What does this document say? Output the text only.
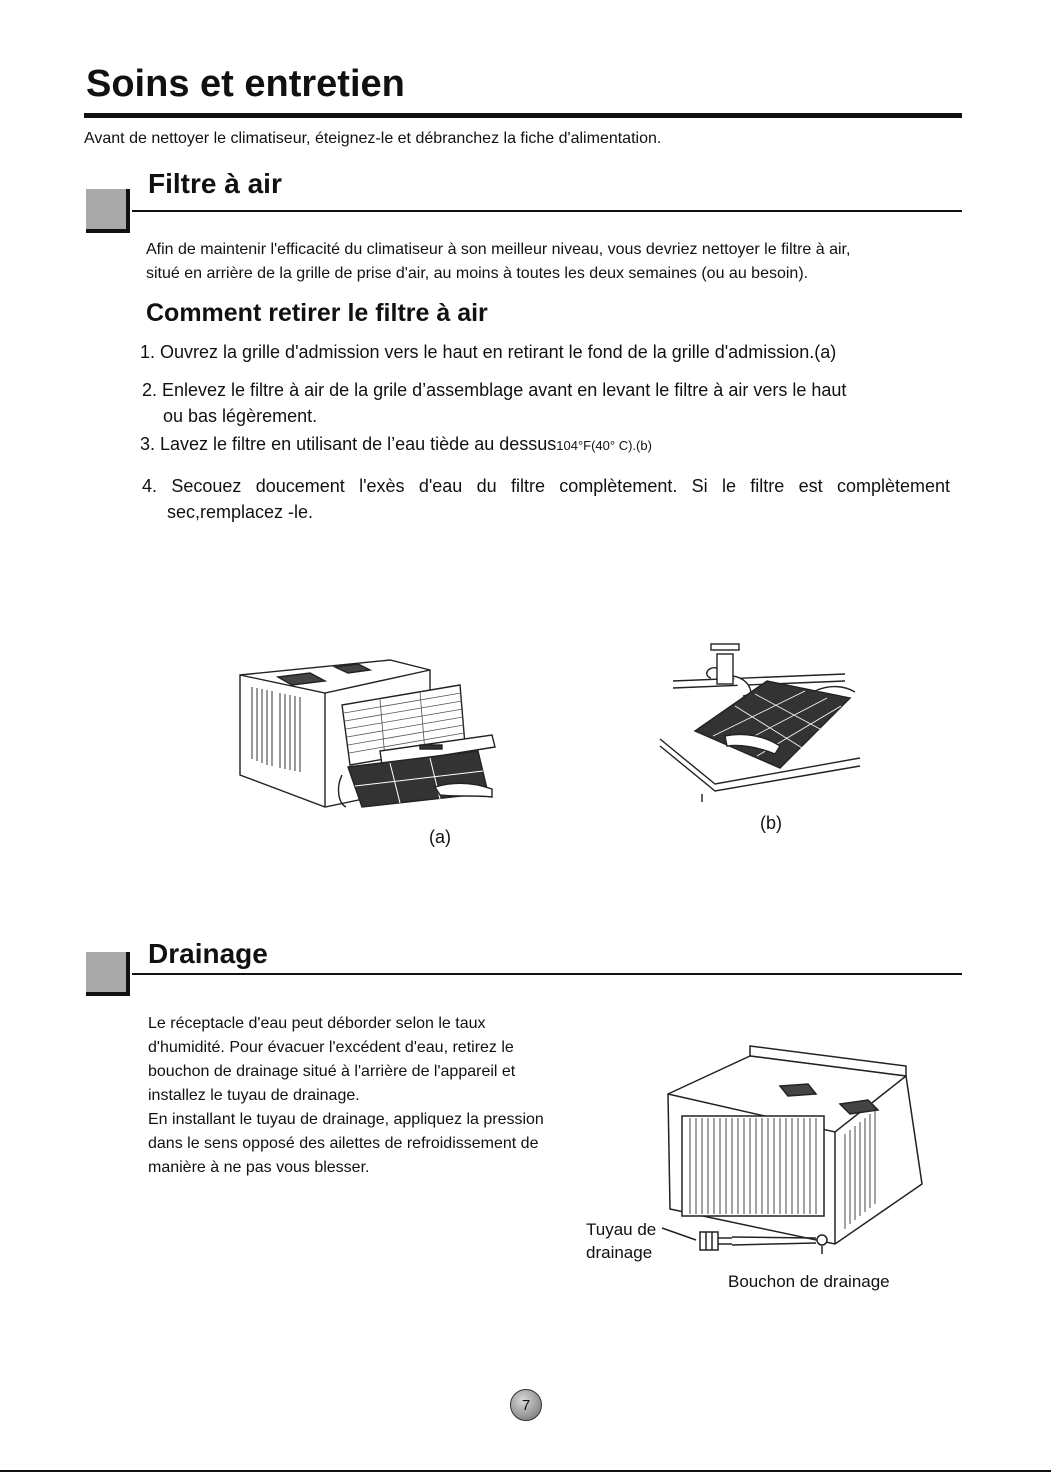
Soins et entretien
Avant de nettoyer le climatiseur, éteignez-le et débranchez la fiche d'alimentation.
Filtre à air
Afin de maintenir l'efficacité du climatiseur à son meilleur niveau, vous devriez nettoyer le filtre à air,
situé en arrière de la grille de prise d'air, au moins à toutes les deux semaines (ou au besoin).
Comment retirer le filtre à air
1. Ouvrez la grille d'admission vers le haut en retirant le fond de la grille d'admission.(a)
2. Enlevez le filtre à air de la grile d’assemblage avant en levant le filtre à air vers le haut
ou bas légèrement.
3. Lavez le filtre en utilisant de l’eau tiède au dessus104°F(40° C).(b)
4. Secouez doucement l'exès d'eau du filtre complètement. Si le filtre est complètement
sec,remplacez -le.
(a)
(b)
Drainage
Le réceptacle d'eau peut déborder selon le taux
d'humidité. Pour évacuer l'excédent d'eau, retirez le
bouchon de drainage situé à l'arrière de l'appareil et
installez le tuyau de drainage.
En installant le tuyau de drainage, appliquez la pression
dans le sens opposé des ailettes de refroidissement de
manière à ne pas vous blesser.
Tuyau de
drainage
Bouchon de drainage
7
